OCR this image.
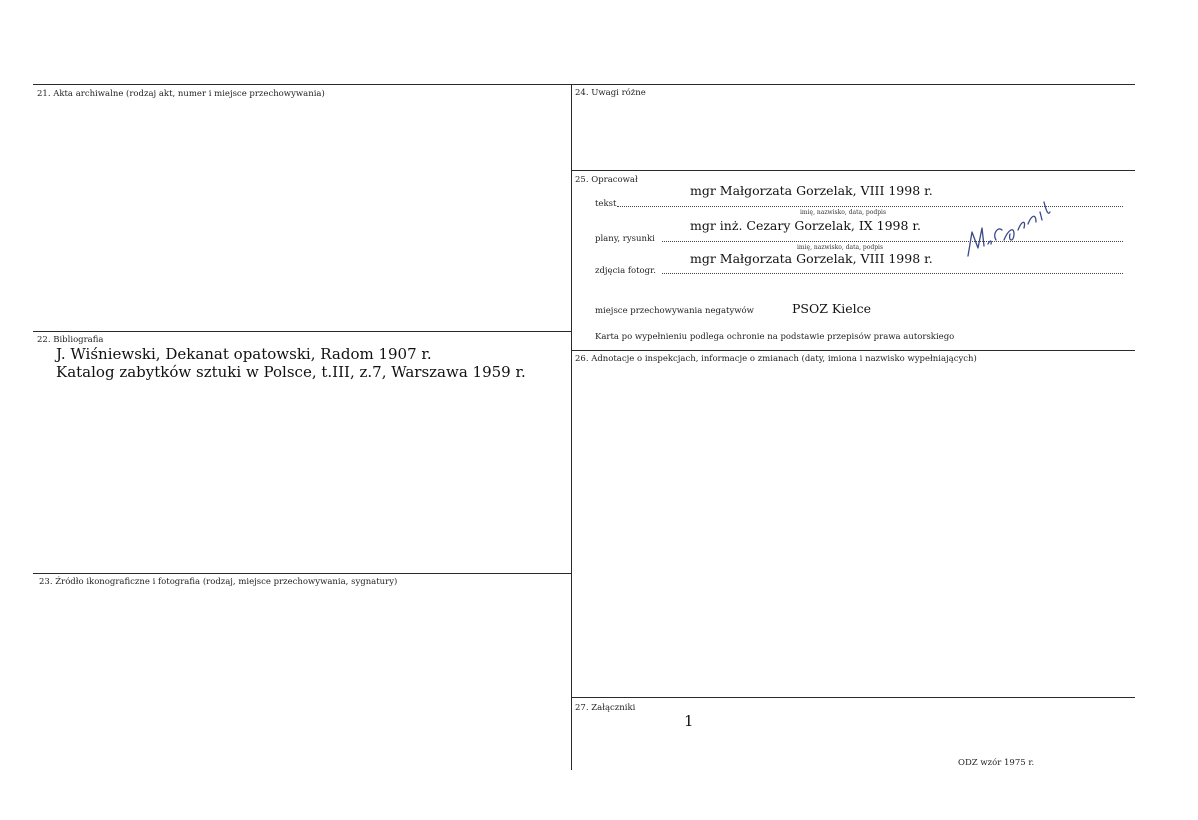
21. Akta archiwalne (rodzaj akt, numer i miejsce przechowywania)
22. Bibliografia
J. Wiśniewski, Dekanat opatowski, Radom 1907 r.
Katalog zabytków sztuki w Polsce, t.III, z.7, Warszawa 1959 r.
23. Źródło ikonograficzne i fotografia (rodzaj, miejsce przechowywania, sygnatury)
24. Uwagi różne
25. Opracował
mgr Małgorzata Gorzelak, VIII 1998 r.
tekst
imię, nazwisko, data, podpis
mgr inż. Cezary Gorzelak, IX 1998 r.
plany, rysunki
imię, nazwisko, data, podpis
mgr Małgorzata Gorzelak, VIII 1998 r.
zdjęcia fotogr.
miejsce przechowywania negatywów	PSOZ Kielce
Karta po wypełnieniu podlega ochronie na podstawie przepisów prawa autorskiego
26. Adnotacje o inspekcjach, informacje o zmianach (daty, imiona i nazwisko wypełniających)
27. Załączniki
1
ODZ wzór 1975 r.
